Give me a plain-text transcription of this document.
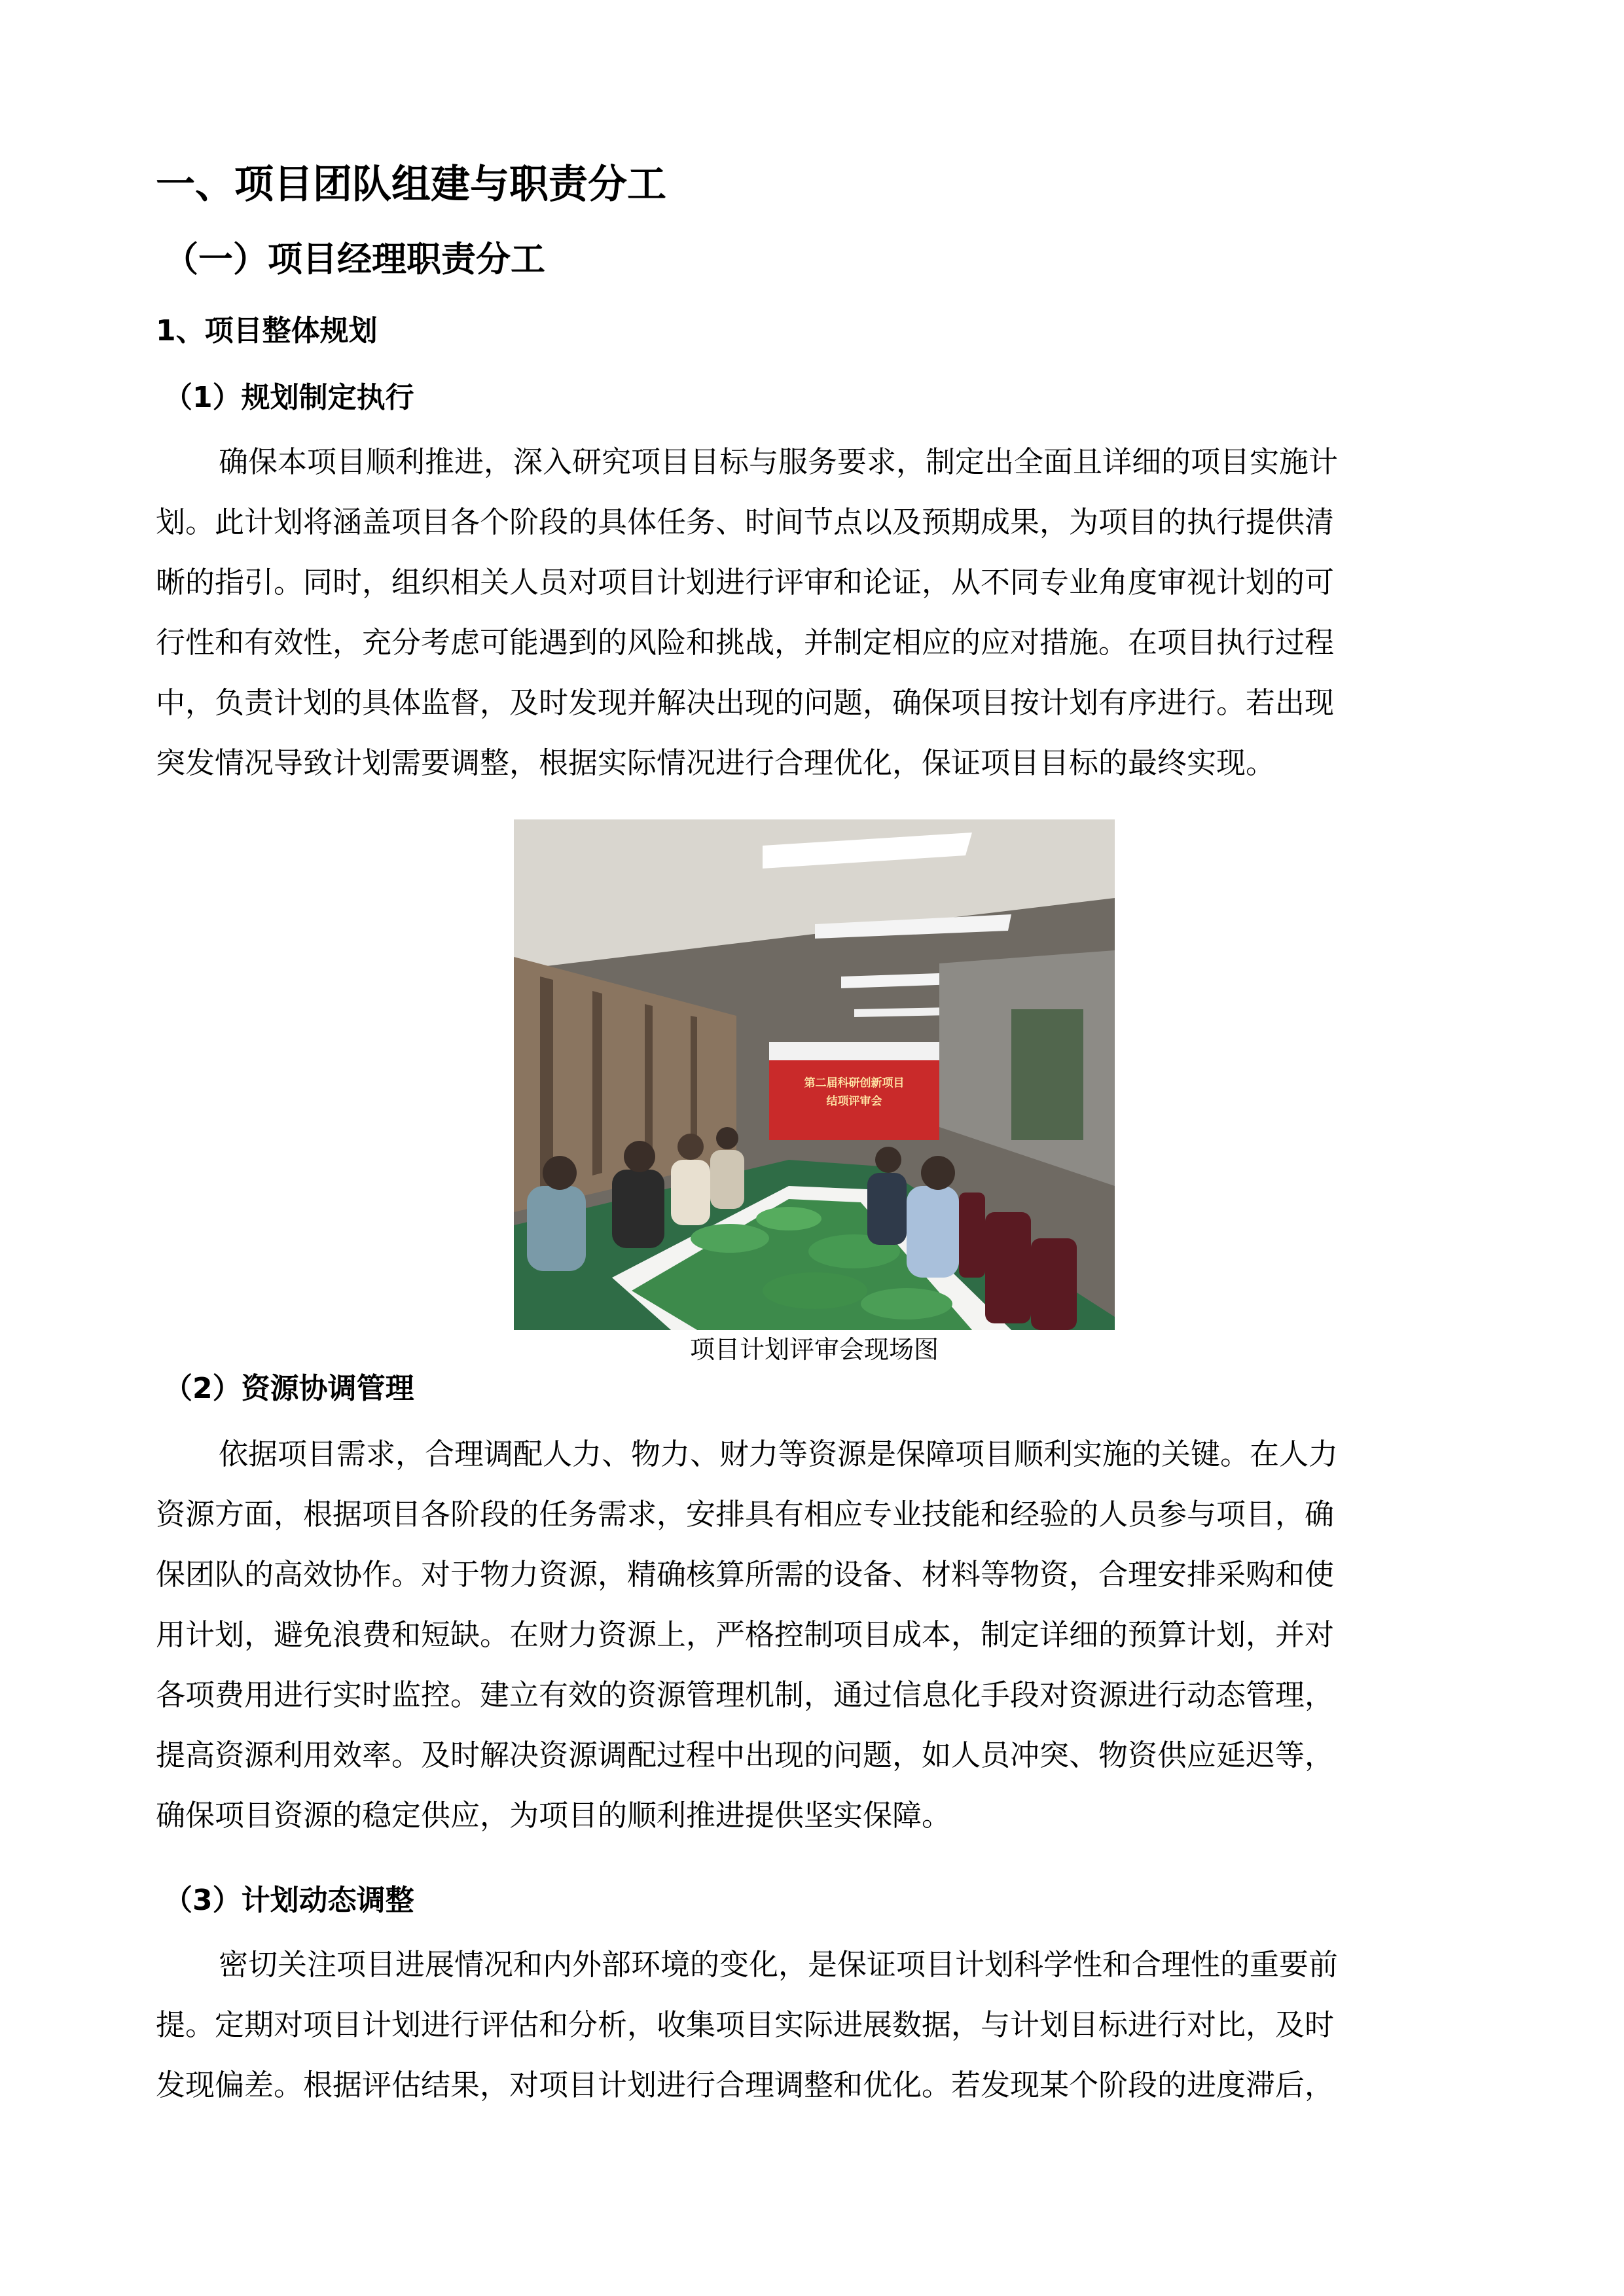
一、项目团队组建与职责分工
（一）项目经理职责分工
1、项目整体规划
（1）规划制定执行
确保本项目顺利推进，深入研究项目目标与服务要求，制定出全面且详细的项目实施计
划。此计划将涵盖项目各个阶段的具体任务、时间节点以及预期成果，为项目的执行提供清
晰的指引。同时，组织相关人员对项目计划进行评审和论证，从不同专业角度审视计划的可
行性和有效性，充分考虑可能遇到的风险和挑战，并制定相应的应对措施。在项目执行过程
中，负责计划的具体监督，及时发现并解决出现的问题，确保项目按计划有序进行。若出现
突发情况导致计划需要调整，根据实际情况进行合理优化，保证项目目标的最终实现。
第二届科研创新项目
结项评审会
项目计划评审会现场图
（2）资源协调管理
依据项目需求，合理调配人力、物力、财力等资源是保障项目顺利实施的关键。在人力
资源方面，根据项目各阶段的任务需求，安排具有相应专业技能和经验的人员参与项目，确
保团队的高效协作。对于物力资源，精确核算所需的设备、材料等物资，合理安排采购和使
用计划，避免浪费和短缺。在财力资源上，严格控制项目成本，制定详细的预算计划，并对
各项费用进行实时监控。建立有效的资源管理机制，通过信息化手段对资源进行动态管理，
提高资源利用效率。及时解决资源调配过程中出现的问题，如人员冲突、物资供应延迟等，
确保项目资源的稳定供应，为项目的顺利推进提供坚实保障。
（3）计划动态调整
密切关注项目进展情况和内外部环境的变化，是保证项目计划科学性和合理性的重要前
提。定期对项目计划进行评估和分析，收集项目实际进展数据，与计划目标进行对比，及时
发现偏差。根据评估结果，对项目计划进行合理调整和优化。若发现某个阶段的进度滞后，
